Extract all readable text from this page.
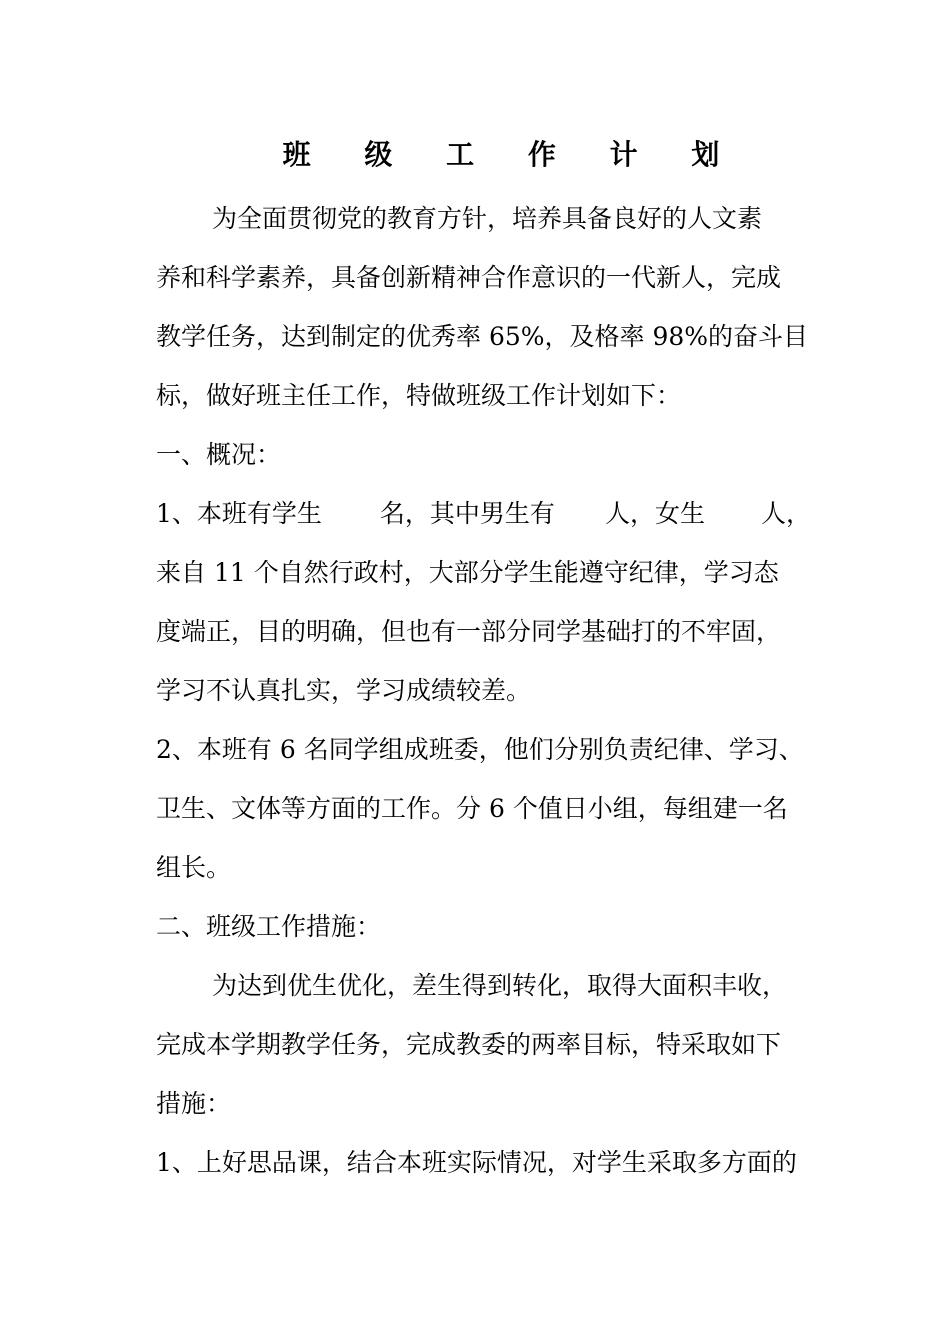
班 级 工 作 计 划

为全面贯彻党的教育方针，培养具备良好的人文素

养和科学素养，具备创新精神合作意识的一代新人，完成

教学任务，达到制定的优秀率 65%，及格率 98%的奋斗目

标，做好班主任工作，特做班级工作计划如下：

一、概况：

1、本班有学生 名，其中男生有 人，女生 人，

来自 11 个自然行政村，大部分学生能遵守纪律，学习态

度端正，目的明确，但也有一部分同学基础打的不牢固，

学习不认真扎实，学习成绩较差。

2、本班有 6 名同学组成班委，他们分别负责纪律、学习、

卫生、文体等方面的工作。分 6 个值日小组，每组建一名

组长。

二、班级工作措施：

为达到优生优化，差生得到转化，取得大面积丰收，

完成本学期教学任务，完成教委的两率目标，特采取如下

措施：

1、上好思品课，结合本班实际情况，对学生采取多方面的
